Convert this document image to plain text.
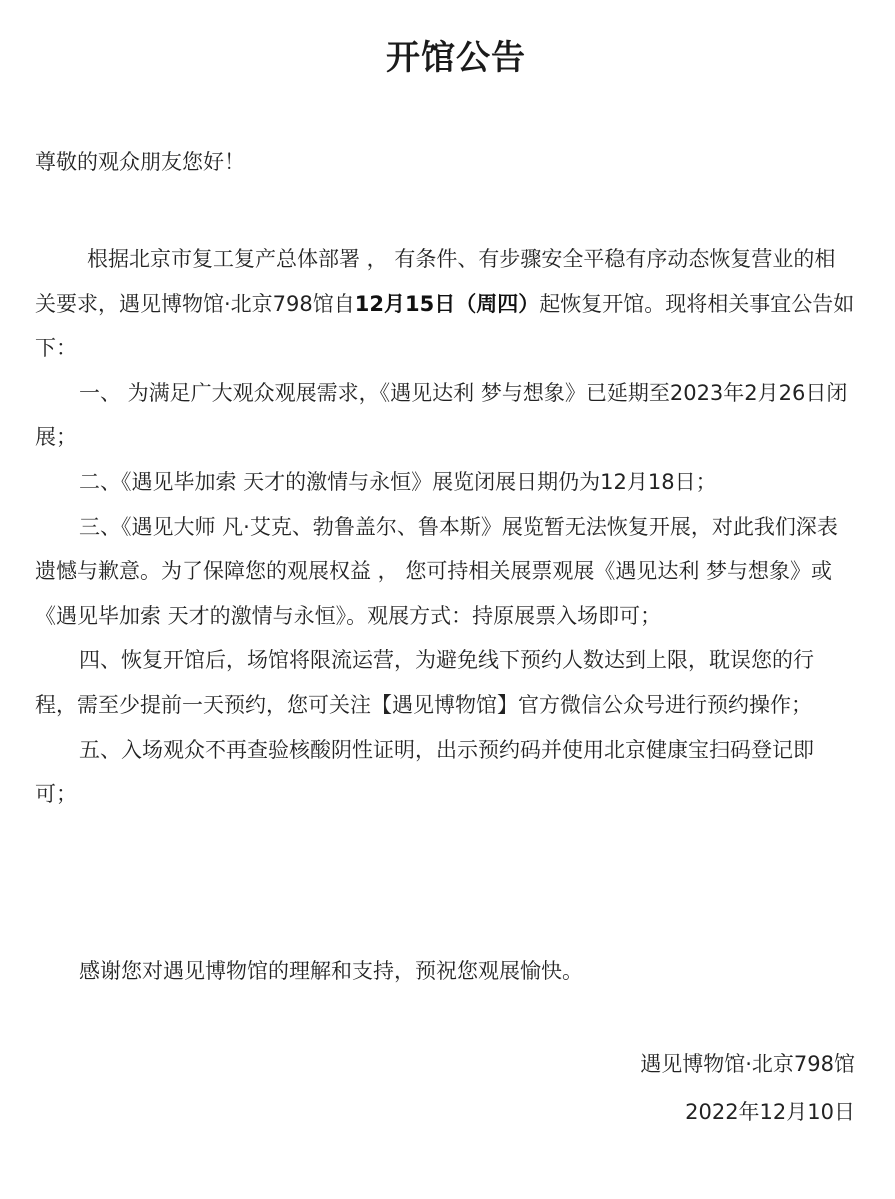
开馆公告
尊敬的观众朋友您好！

根据北京市复工复产总体部署 ， 有条件、有步骤安全平稳有序动态恢复营业的相关要求，遇见博物馆·北京798馆自12月15日（周四）起恢复开馆。现将相关事宜公告如下：

一、 为满足广大观众观展需求，《遇见达利 梦与想象》已延期至2023年2月26日闭展；

二、《遇见毕加索 天才的激情与永恒》展览闭展日期仍为12月18日；

三、《遇见大师 凡·艾克、勃鲁盖尔、鲁本斯》展览暂无法恢复开展，对此我们深表遗憾与歉意。为了保障您的观展权益 ， 您可持相关展票观展《遇见达利 梦与想象》或《遇见毕加索 天才的激情与永恒》。观展方式：持原展票入场即可；

四、恢复开馆后，场馆将限流运营，为避免线下预约人数达到上限，耽误您的行程，需至少提前一天预约，您可关注【遇见博物馆】官方微信公众号进行预约操作；

五、入场观众不再查验核酸阴性证明，出示预约码并使用北京健康宝扫码登记即可；

感谢您对遇见博物馆的理解和支持，预祝您观展愉快。
遇见博物馆·北京798馆
2022年12月10日
